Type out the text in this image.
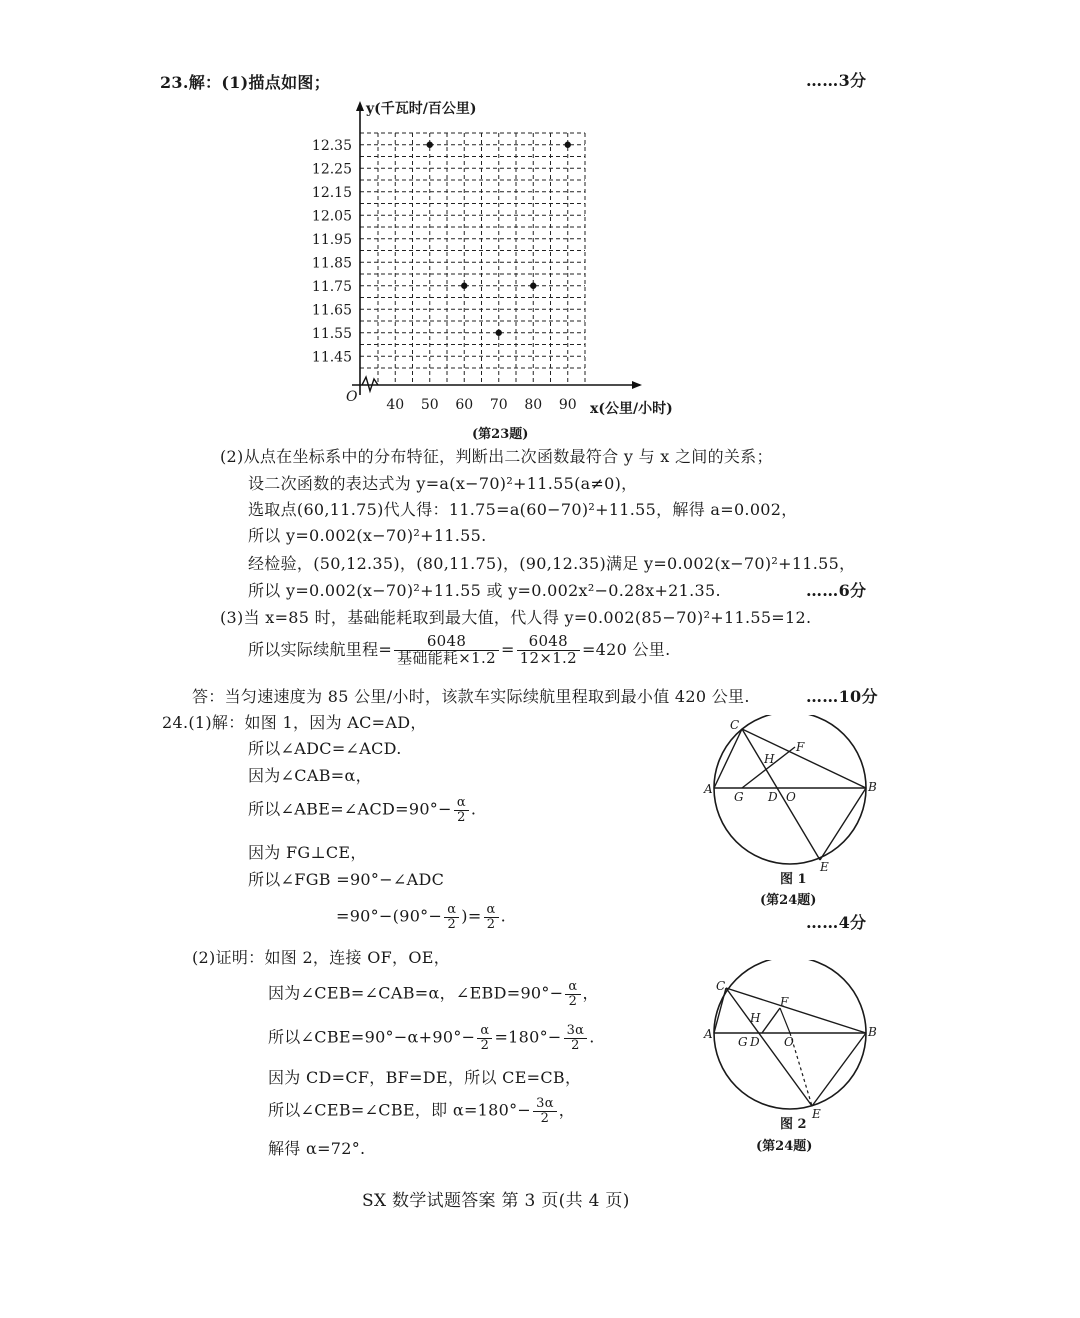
23.解：(1)描点如图；	……3分
12.35
12.25
12.15
12.05
11.95
11.85
11.75
11.65
11.55
11.45
40 50 60 70 80 90
y(千瓦时/百公里)
x(公里/小时)
O
(第23题)
(2)从点在坐标系中的分布特征，判断出二次函数最符合 y 与 x 之间的关系；
设二次函数的表达式为 y=a(x−70)²+11.55(a≠0)，
选取点(60,11.75)代人得：11.75=a(60−70)²+11.55，解得 a=0.002，
所以 y=0.002(x−70)²+11.55.
经检验，(50,12.35)，(80,11.75)，(90,12.35)满足 y=0.002(x−70)²+11.55，
所以 y=0.002(x−70)²+11.55 或 y=0.002x²−0.28x+21.35.	……6分
(3)当 x=85 时，基础能耗取到最大值，代人得 y=0.002(85−70)²+11.55=12.
所以实际续航里程= $\frac{6048}{\text{基础能耗×1.2}} = \frac{6048}{12\times 1.2} =420$ 公里.
答：当匀速速度为 85 公里/小时，该款车实际续航里程取到最小值 420 公里.	……10分
24.(1)解：如图 1，因为 AC=AD，
所以∠ADC=∠ACD.
因为∠CAB=α，
所以∠ABE=∠ACD=90°− $\frac{\alpha}{2}$ .
因为 FG⊥CE，
所以∠FGB =90°−∠ADC
$=90^\circ-(90^\circ- \frac{\alpha}{2}$ )= $\frac{\alpha}{2}$ .	……4分
C
A	B
F
H
G D O
E
图 1
(第24题)
(2)证明：如图 2，连接 OF，OE，
因为∠CEB=∠CAB=α，∠EBD=90°− $\frac{\alpha}{2}$ ，
所以∠CBE=90°−α+90°− $\frac{\alpha}{2} =180^\circ- \frac{3\alpha}{2}$ .
因为 CD=CF，BF=DE，所以 CE=CB，
所以∠CEB=∠CBE，即 $\alpha=180^\circ- \frac{3\alpha}{2}$ ，
解得 α=72°.
C
A	B
F
H
G D O
E
图 2
(第24题)
SX 数学试题答案 第 3 页(共 4 页)
